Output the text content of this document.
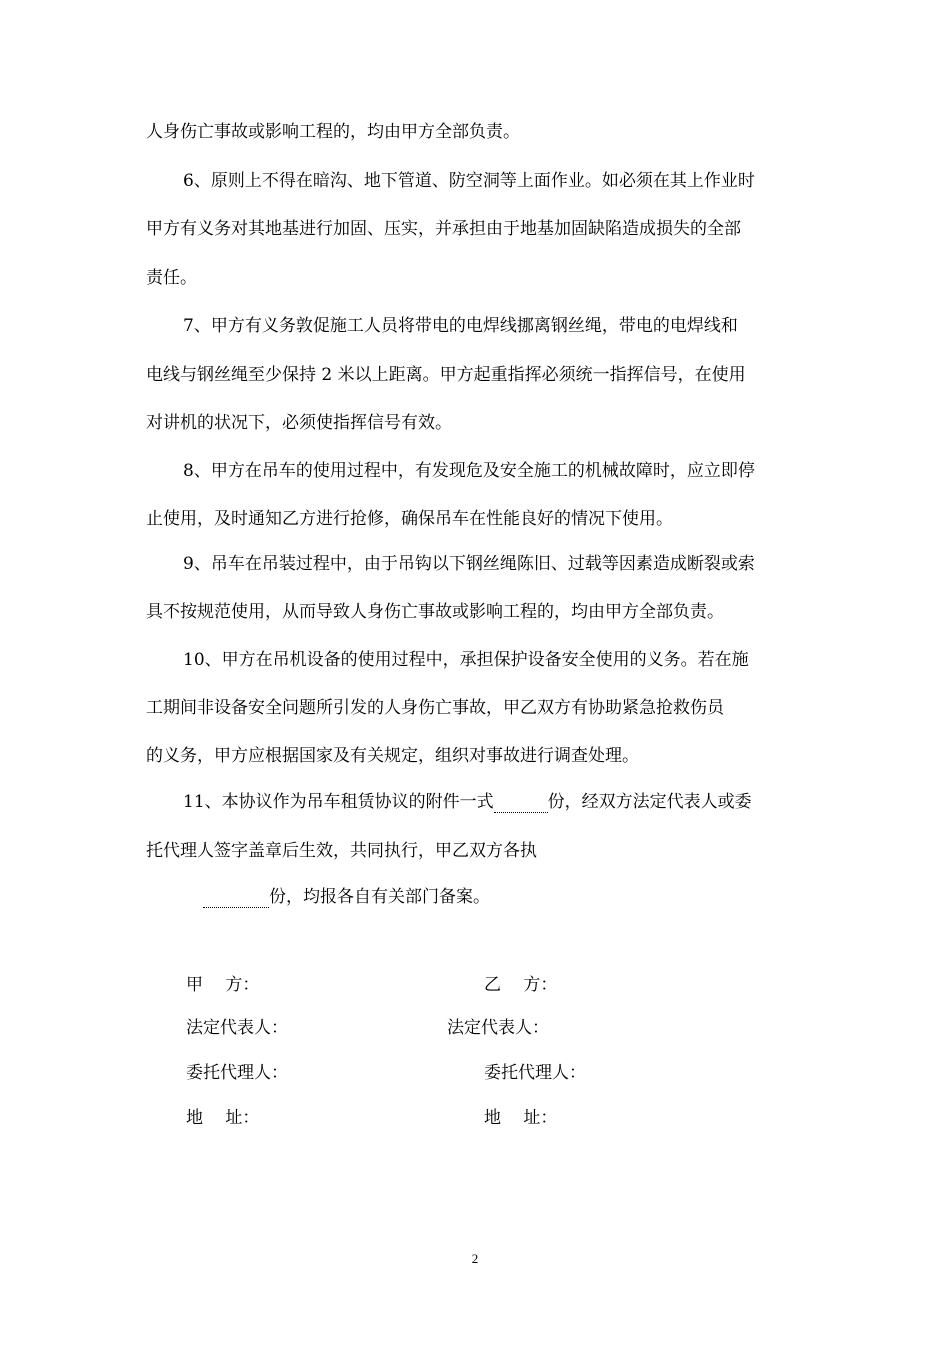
人身伤亡事故或影响工程的，均由甲方全部负责。
6、原则上不得在暗沟、地下管道、防空洞等上面作业。如必须在其上作业时
甲方有义务对其地基进行加固、压实，并承担由于地基加固缺陷造成损失的全部
责任。
7、甲方有义务敦促施工人员将带电的电焊线挪离钢丝绳，带电的电焊线和
电线与钢丝绳至少保持 2 米以上距离。甲方起重指挥必须统一指挥信号，在使用
对讲机的状况下，必须使指挥信号有效。
8、甲方在吊车的使用过程中，有发现危及安全施工的机械故障时，应立即停
止使用，及时通知乙方进行抢修，确保吊车在性能良好的情况下使用。
9、吊车在吊装过程中，由于吊钩以下钢丝绳陈旧、过载等因素造成断裂或索
具不按规范使用，从而导致人身伤亡事故或影响工程的，均由甲方全部负责。
10、甲方在吊机设备的使用过程中，承担保护设备安全使用的义务。若在施
工期间非设备安全问题所引发的人身伤亡事故，甲乙双方有协助紧急抢救伤员
的义务，甲方应根据国家及有关规定，组织对事故进行调查处理。
11、本协议作为吊车租赁协议的附件一式	份，经双方法定代表人或委
托代理人签字盖章后生效，共同执行，甲乙双方各执
份，均报各自有关部门备案。
甲　 方：	乙　 方：
法定代表人：	法定代表人：
委托代理人：	委托代理人：
地　 址：	地　 址：
2
